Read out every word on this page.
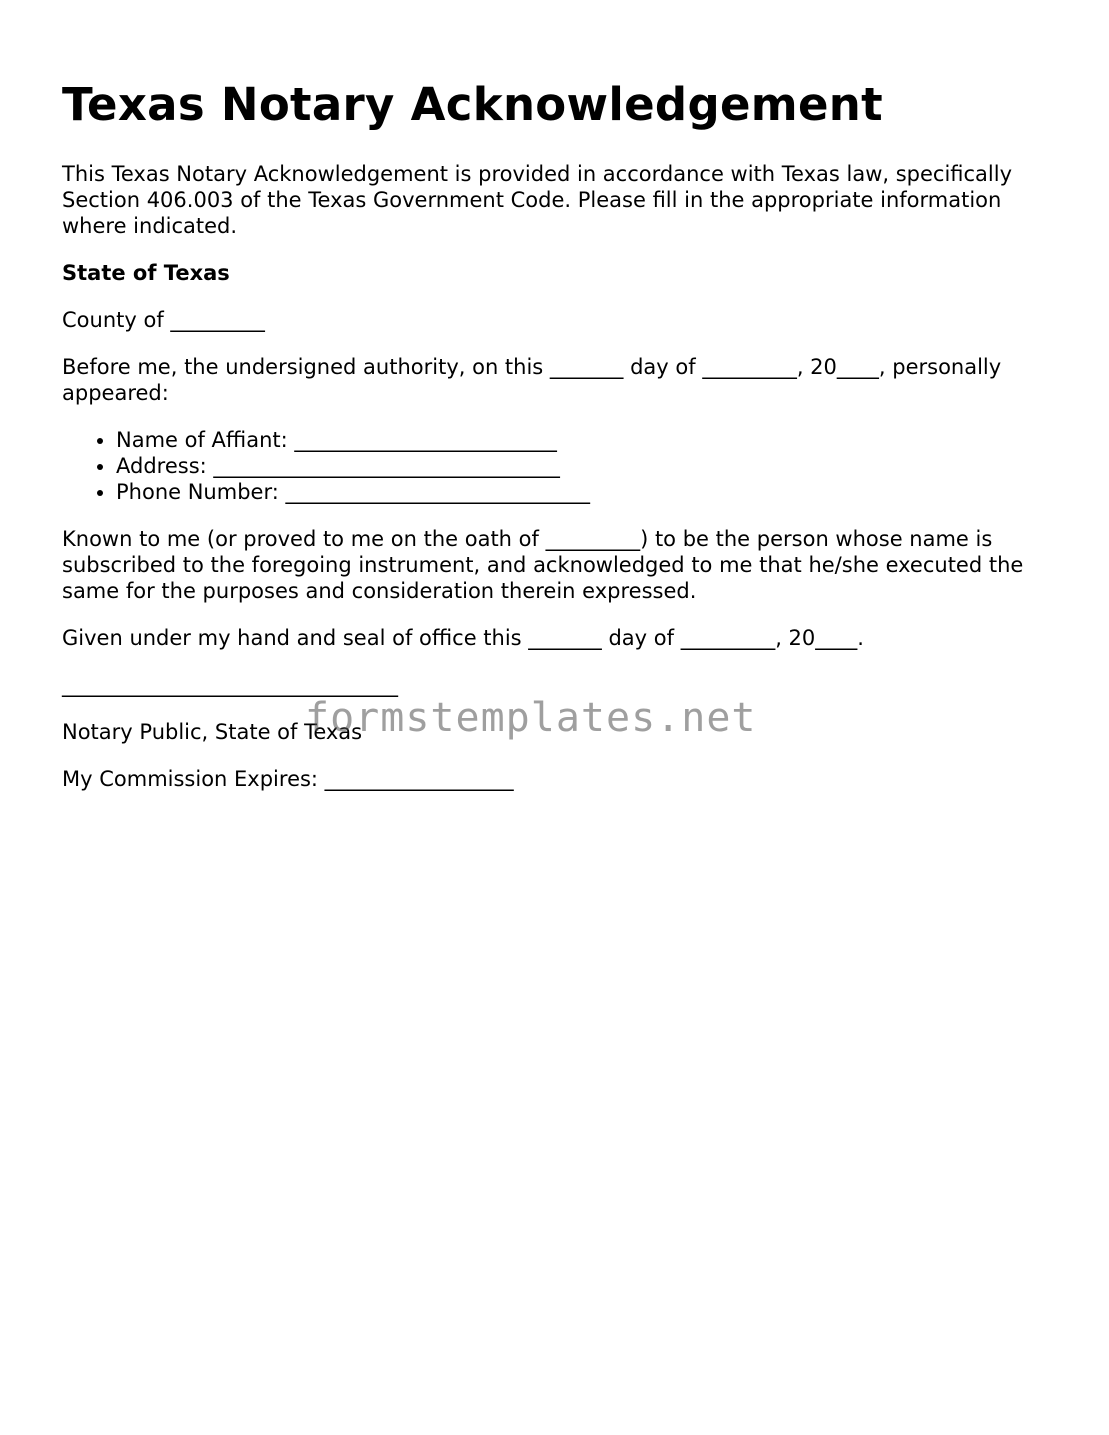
Texas Notary Acknowledgement

This Texas Notary Acknowledgement is provided in accordance with Texas law, specifically Section 406.003 of the Texas Government Code. Please fill in the appropriate information where indicated.

State of Texas

County of _________

Before me, the undersigned authority, on this _______ day of _________, 20____, personally appeared:

• Name of Affiant: _________________________
• Address: _________________________________
• Phone Number: _____________________________

Known to me (or proved to me on the oath of _________) to be the person whose name is subscribed to the foregoing instrument, and acknowledged to me that he/she executed the same for the purposes and consideration therein expressed.

Given under my hand and seal of office this _______ day of _________, 20____.

________________________________

Notary Public, State of Texas

My Commission Expires: __________________

formstemplates.net
